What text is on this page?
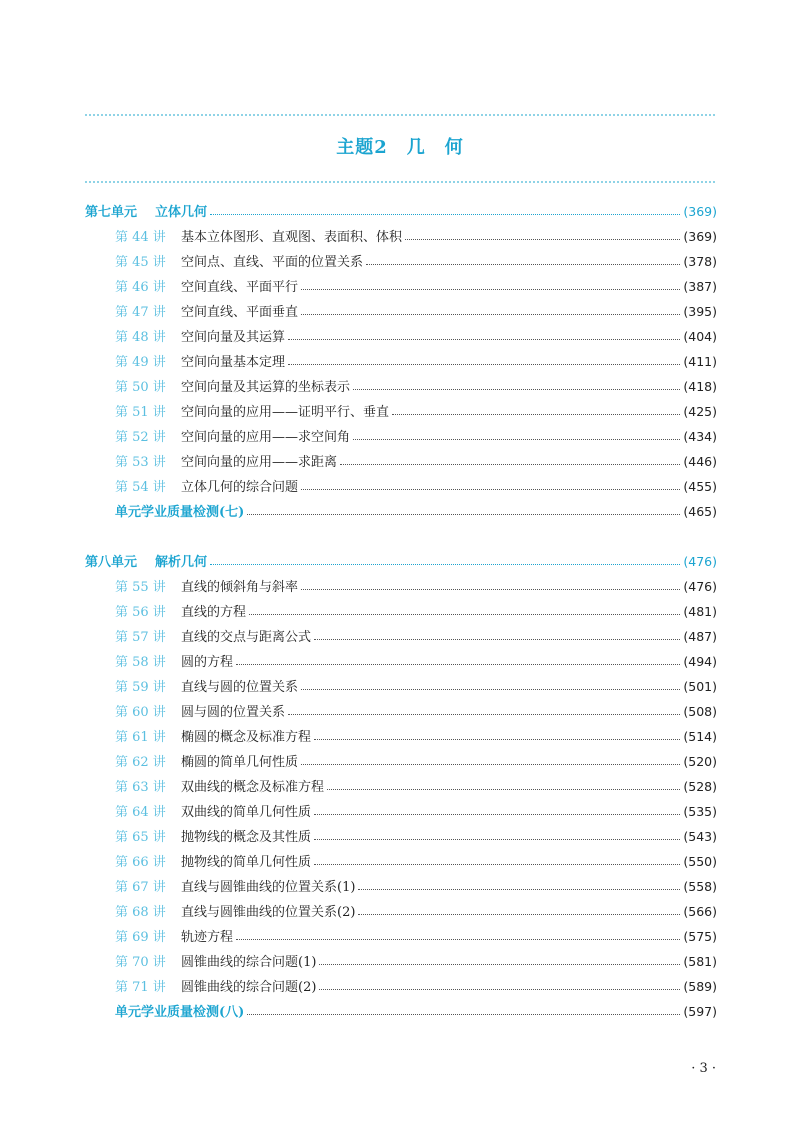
主题2　几　何
第七单元 立体几何	(369)
第 44 讲	基本立体图形、直观图、表面积、体积	(369)
第 45 讲	空间点、直线、平面的位置关系	(378)
第 46 讲	空间直线、平面平行	(387)
第 47 讲	空间直线、平面垂直	(395)
第 48 讲	空间向量及其运算	(404)
第 49 讲	空间向量基本定理	(411)
第 50 讲	空间向量及其运算的坐标表示	(418)
第 51 讲	空间向量的应用——证明平行、垂直	(425)
第 52 讲	空间向量的应用——求空间角	(434)
第 53 讲	空间向量的应用——求距离	(446)
第 54 讲	立体几何的综合问题	(455)
单元学业质量检测(七)	(465)
第八单元 解析几何	(476)
第 55 讲	直线的倾斜角与斜率	(476)
第 56 讲	直线的方程	(481)
第 57 讲	直线的交点与距离公式	(487)
第 58 讲	圆的方程	(494)
第 59 讲	直线与圆的位置关系	(501)
第 60 讲	圆与圆的位置关系	(508)
第 61 讲	椭圆的概念及标准方程	(514)
第 62 讲	椭圆的简单几何性质	(520)
第 63 讲	双曲线的概念及标准方程	(528)
第 64 讲	双曲线的简单几何性质	(535)
第 65 讲	抛物线的概念及其性质	(543)
第 66 讲	抛物线的简单几何性质	(550)
第 67 讲	直线与圆锥曲线的位置关系(1)	(558)
第 68 讲	直线与圆锥曲线的位置关系(2)	(566)
第 69 讲	轨迹方程	(575)
第 70 讲	圆锥曲线的综合问题(1)	(581)
第 71 讲	圆锥曲线的综合问题(2)	(589)
单元学业质量检测(八)	(597)
· 3 ·
